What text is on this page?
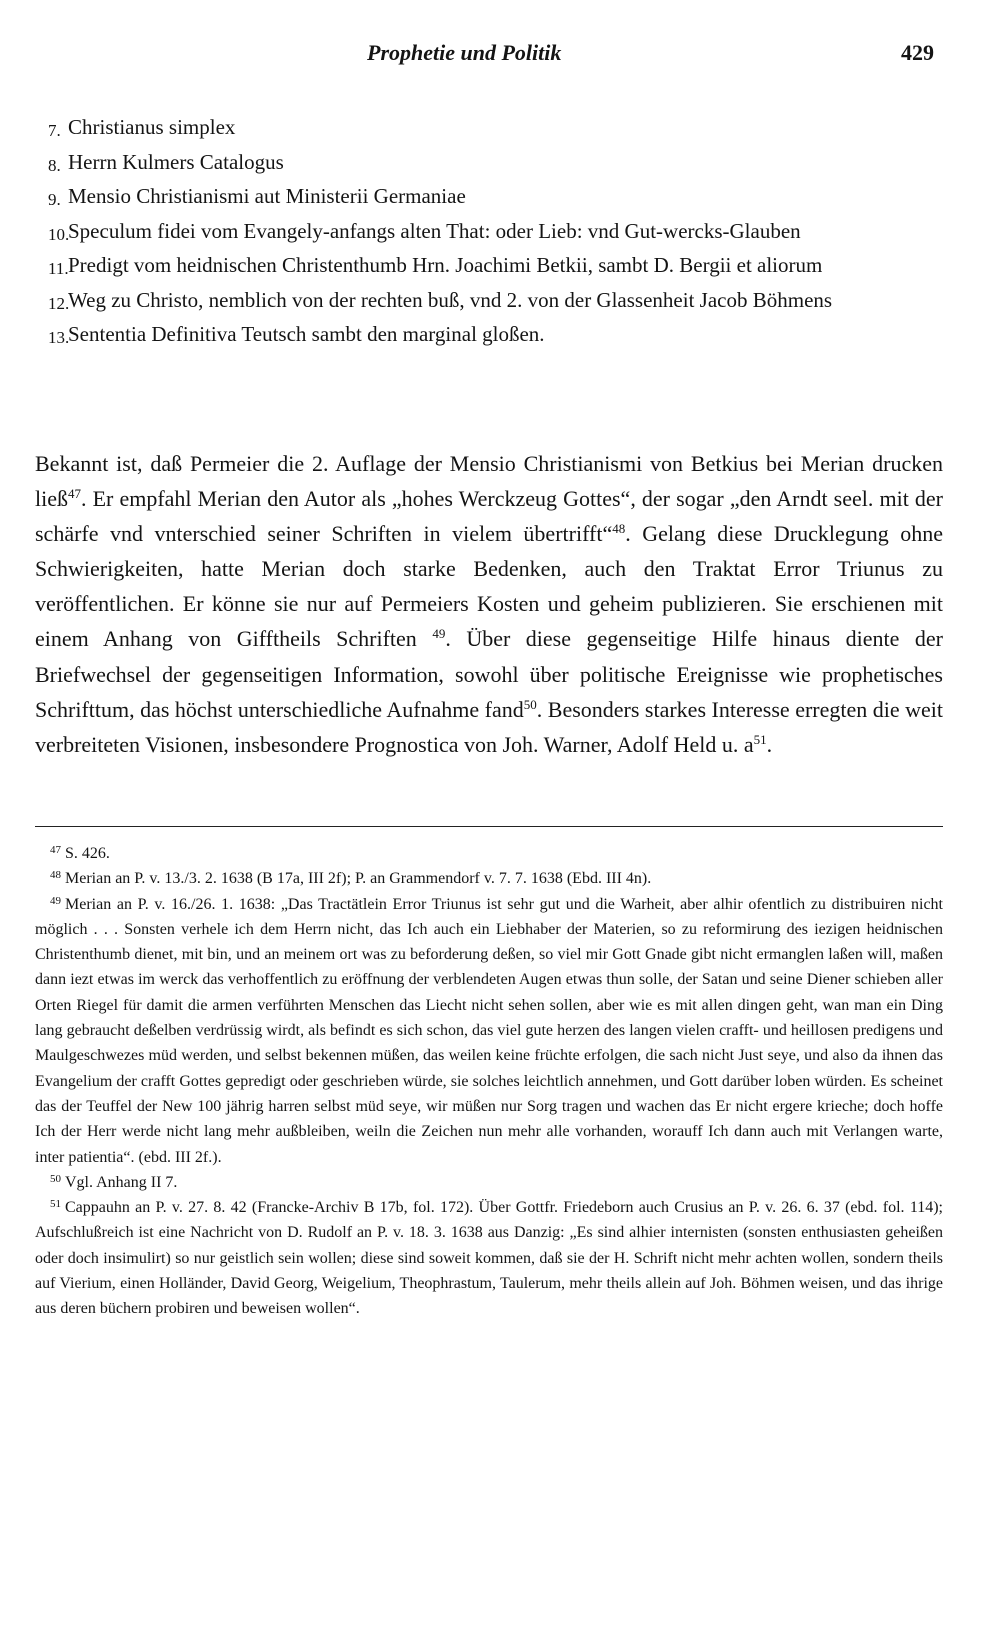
Prophetie und Politik	429
7. Christianus simplex
8. Herrn Kulmers Catalogus
9. Mensio Christianismi aut Ministerii Germaniae
10.
Speculum fidei vom Evangely-anfangs alten That: oder Lieb: vnd Gut-wercks-Glauben
11. Predigt vom heidnischen Christenthumb Hrn. Joachimi Betkii, sambt D. Bergii et aliorum
12.
Weg zu Christo, nemblich von der rechten buß, vnd 2. von der Glassenheit Jacob Böhmens
13.
Sententia Definitiva Teutsch sambt den marginal gloßen.

Bekannt ist, daß Permeier die 2. Auflage der Mensio Christianismi von Betkius bei Merian drucken ließ$^{47}$. Er empfahl Merian den Autor als „hohes Werckzeug Gottes“, der sogar „den Arndt seel. mit der schärfe vnd vnterschied seiner Schriften in vielem übertrifft“$^{48}$. Gelang diese Drucklegung ohne Schwierigkeiten, hatte Merian doch starke Bedenken, auch den Traktat Error Triunus zu veröffentlichen. Er könne sie nur auf Permeiers Kosten und geheim publizieren. Sie erschienen mit einem Anhang von Gifftheils Schriften $^{49}$. Über diese gegenseitige Hilfe hinaus diente der Briefwechsel der gegenseitigen Information, sowohl über politische Ereignisse wie prophetisches Schrifttum, das höchst unterschiedliche Aufnahme fand$^{50}$. Besonders starkes Interesse erregten die weit verbreiteten Visionen, insbesondere Prognostica von Joh. Warner, Adolf Held u. $a^{51}$.

$^{47}$ S. 426.

$^{48}$ Merian an P. v. 13./3. 2. 1638 (B 17a, III 2f); P. an Grammendorf v. 7. 7. 1638 (Ebd. III 4n).

$^{49}$ Merian an P. v. 16./26. 1. 1638: „Das Tractätlein Error Triunus ist sehr gut und die Warheit, aber alhir ofentlich zu distribuiren nicht möglich . . . Sonsten verhele ich dem Herrn nicht, das Ich auch ein Liebhaber der Materien, so zu reformirung des iezigen heidnischen Christenthumb dienet, mit bin, und an meinem ort was zu beforderung deßen, so viel mir Gott Gnade gibt nicht ermanglen laßen will, maßen dann iezt etwas im werck das verhoffentlich zu eröffnung der verblendeten Augen etwas thun solle, der Satan und seine Diener schieben aller Orten Riegel für damit die armen verführten Menschen das Liecht nicht sehen sollen, aber wie es mit allen dingen geht, wan man ein Ding lang gebraucht deßelben verdrüssig wirdt, als befindt es sich schon, das viel gute herzen des langen vielen crafft- und heillosen predigens und Maulgeschwezes müd werden, und selbst bekennen müßen, das weilen keine früchte erfolgen, die sach nicht Just seye, und also da ihnen das Evangelium der crafft Gottes gepredigt oder geschrieben würde, sie solches leichtlich annehmen, und Gott darüber loben würden. Es scheinet das der Teuffel der New 100 jährig harren selbst müd seye, wir müßen nur Sorg tragen und wachen das Er nicht ergere krieche; doch hoffe Ich der Herr werde nicht lang mehr außbleiben, weiln die Zeichen nun mehr alle vorhanden, worauff Ich dann auch mit Verlangen warte, inter patientia“. (ebd. III 2f.).

$^{50}$ Vgl. Anhang II 7.

$^{51}$ Cappauhn an P. v. 27. 8. 42 (Francke-Archiv B 17b, fol. 172). Über Gottfr. Friedeborn auch Crusius an P. v. 26. 6. 37 (ebd. fol. 114); Aufschlußreich ist eine Nachricht von D. Rudolf an P. v. 18. 3. 1638 aus Danzig: „Es sind alhier internisten (sonsten enthusiasten geheißen oder doch insimulirt) so nur geistlich sein wollen; diese sind soweit kommen, daß sie der H. Schrift nicht mehr achten wollen, sondern theils auf Vierium, einen Holländer, David Georg, Weigelium, Theophrastum, Taulerum, mehr theils allein auf Joh. Böhmen weisen, und das ihrige aus deren büchern probiren und beweisen wollen“.
